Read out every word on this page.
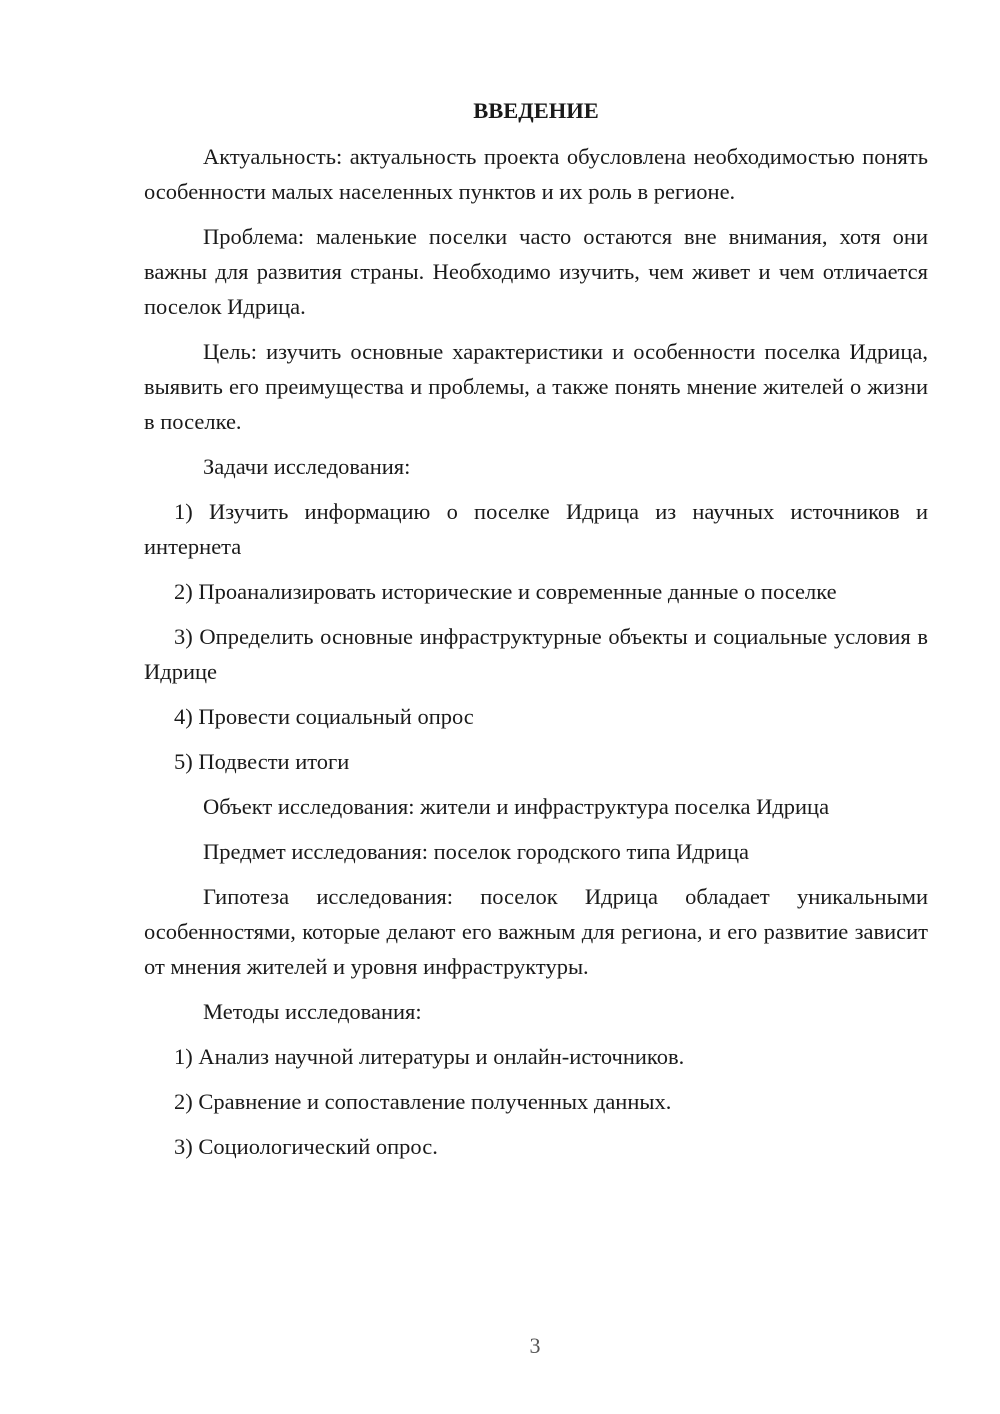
ВВЕДЕНИЕ

Актуальность: актуальность проекта обусловлена необходимостью понять особенности малых населенных пунктов и их роль в регионе.

Проблема: маленькие поселки часто остаются вне внимания, хотя они важны для развития страны. Необходимо изучить, чем живет и чем отличается поселок Идрица.

Цель: изучить основные характеристики и особенности поселка Идрица, выявить его преимущества и проблемы, а также понять мнение жителей о жизни в поселке.

Задачи исследования:

1) Изучить информацию о поселке Идрица из научных источников и интернета

2) Проанализировать исторические и современные данные о поселке

3) Определить основные инфраструктурные объекты и социальные условия в Идрице

4) Провести социальный опрос

5) Подвести итоги

Объект исследования: жители и инфраструктура поселка Идрица

Предмет исследования: поселок городского типа Идрица

Гипотеза исследования: поселок Идрица обладает уникальными особенностями, которые делают его важным для региона, и его развитие зависит от мнения жителей и уровня инфраструктуры.

Методы исследования:

1) Анализ научной литературы и онлайн-источников.

2) Сравнение и сопоставление полученных данных.

3) Социологический опрос.

3
